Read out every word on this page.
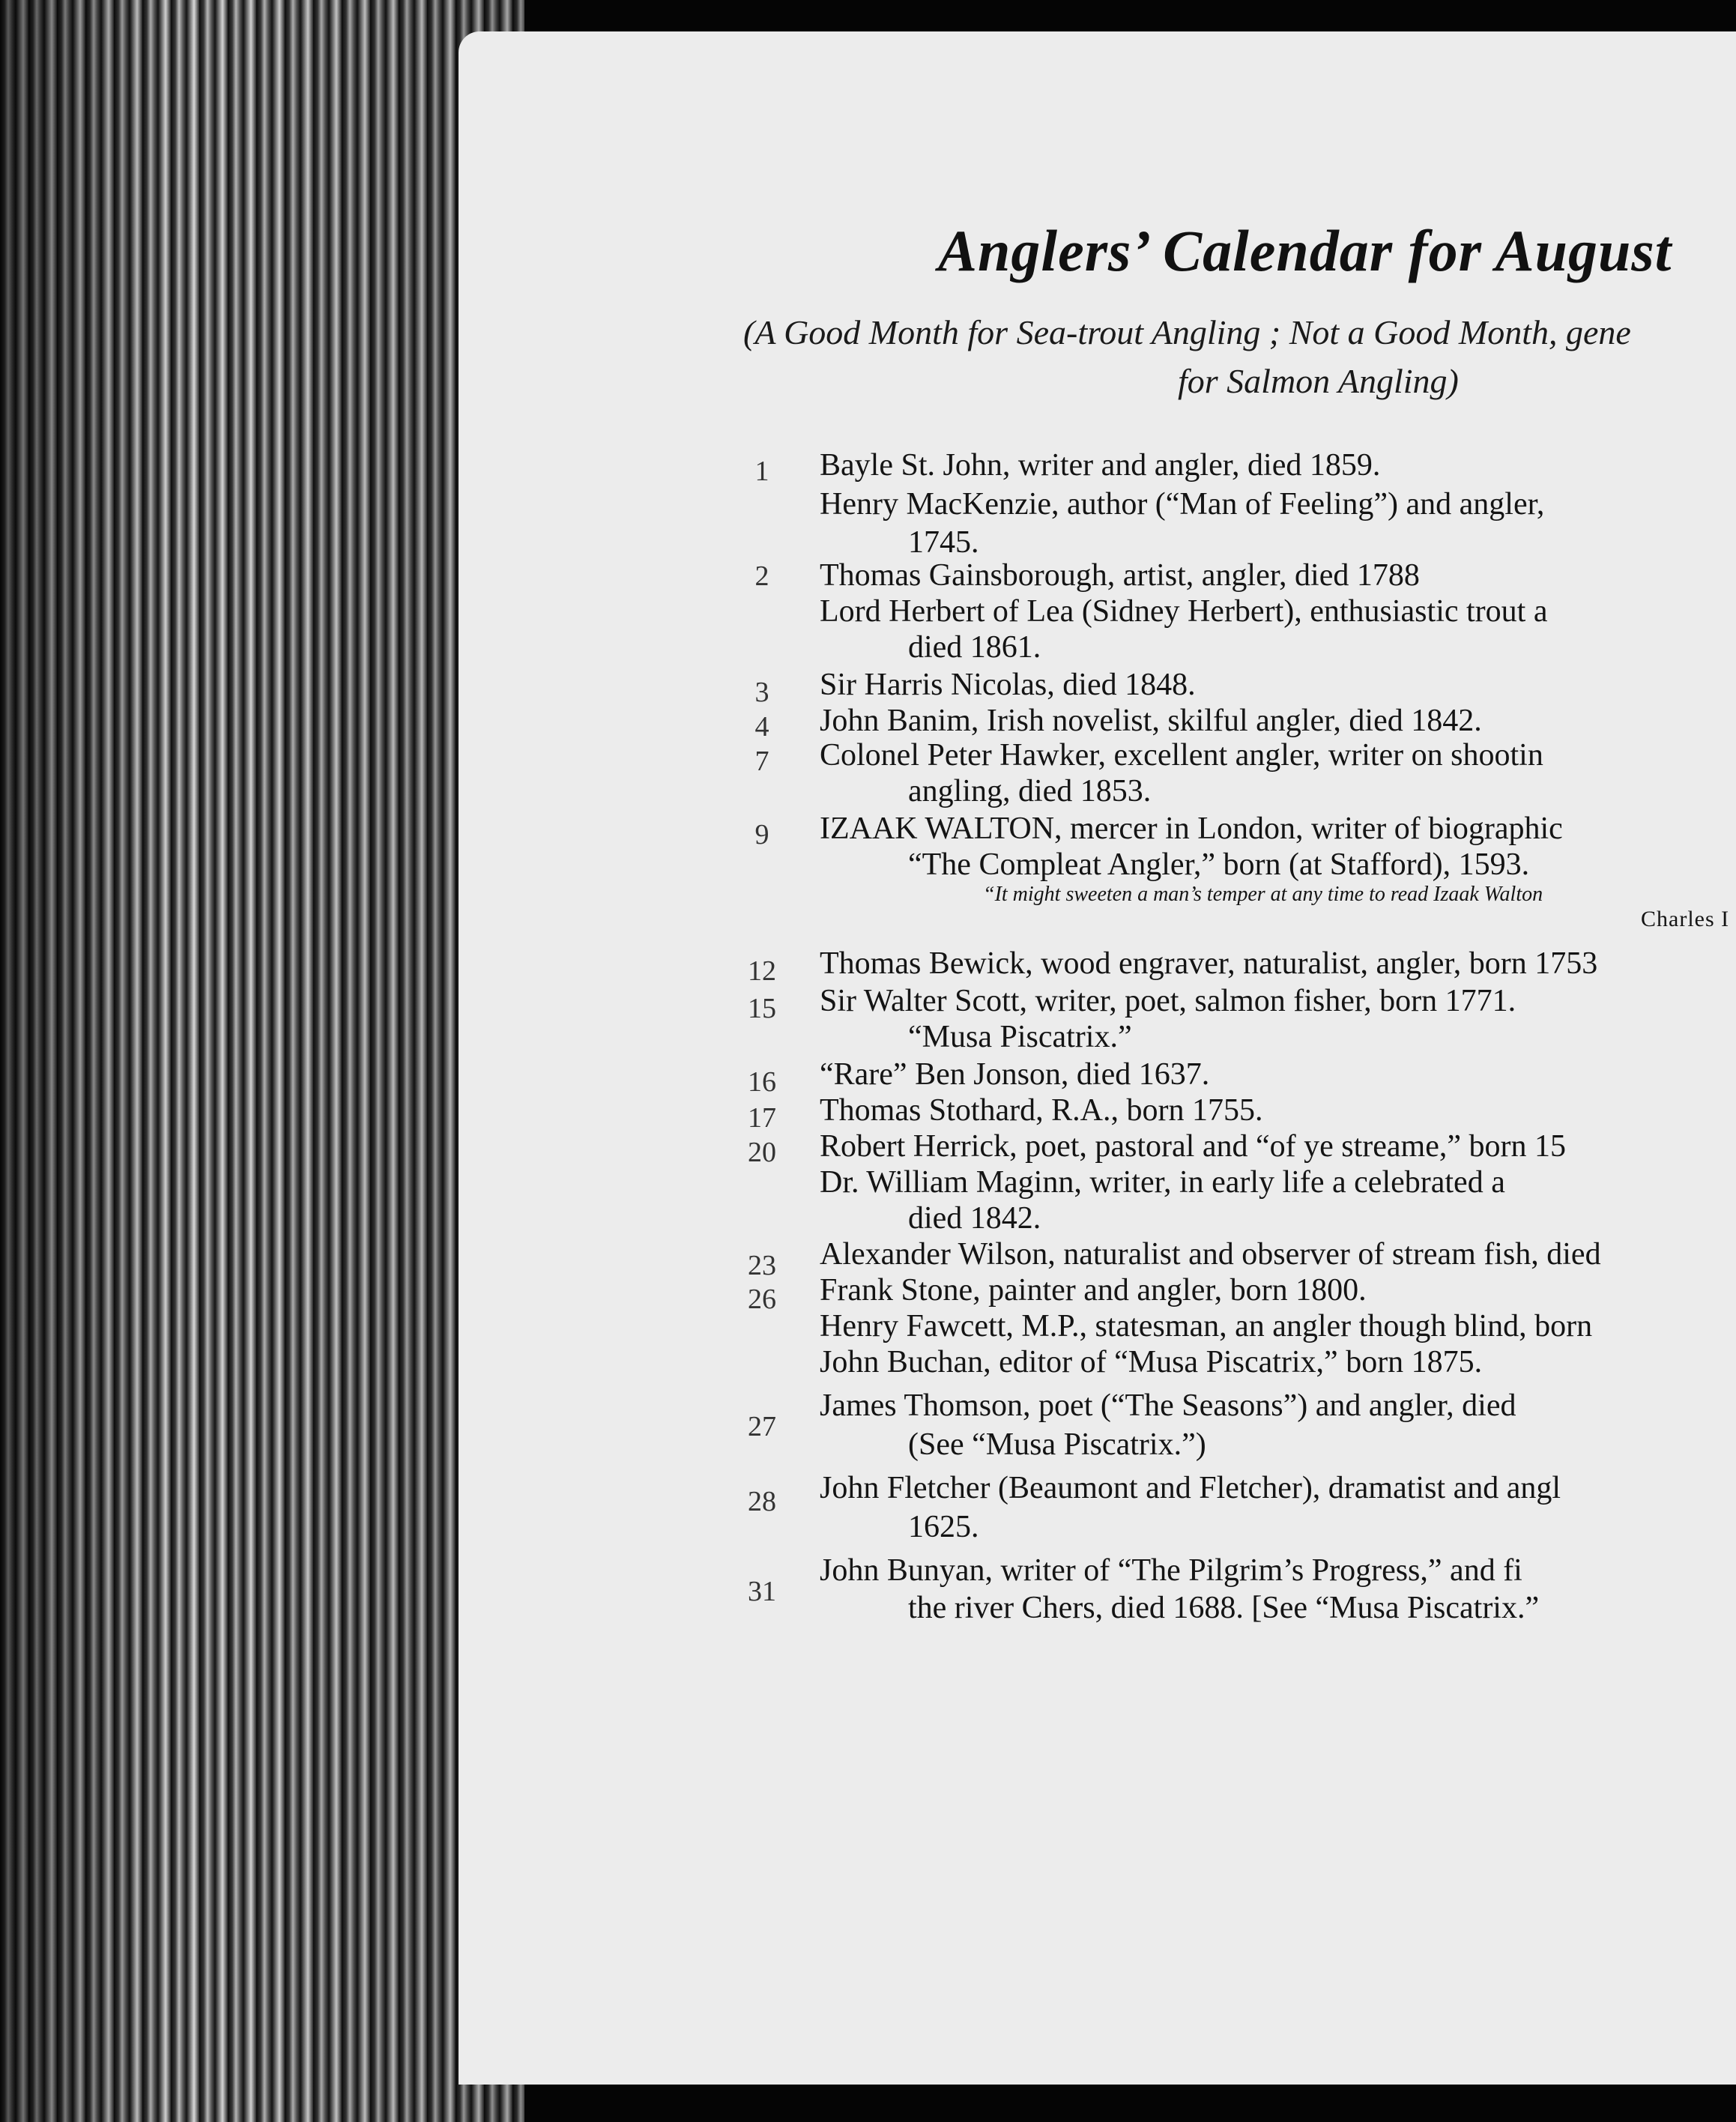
Anglers’ Calendar for August
(A Good Month for Sea-trout Angling ; Not a Good Month, gene
for Salmon Angling)
1
2
3
4
7
9
12
15
16
17
20
23
26
27
28
31
Bayle St. John, writer and angler, died 1859.
Henry MacKenzie, author (“Man of Feeling”) and angler,
1745.
Thomas Gainsborough, artist, angler, died 1788
Lord Herbert of Lea (Sidney Herbert), enthusiastic trout a
died 1861.
Sir Harris Nicolas, died 1848.
John Banim, Irish novelist, skilful angler, died 1842.
Colonel Peter Hawker, excellent angler, writer on shootin
angling, died 1853.
IZAAK WALTON, mercer in London, writer of biographic
“The Compleat Angler,” born (at Stafford), 1593.
“It might sweeten a man’s temper at any time to read Izaak Walton
Charles I
Thomas Bewick, wood engraver, naturalist, angler, born 1753
Sir Walter Scott, writer, poet, salmon fisher, born 1771.
“Musa Piscatrix.”
“Rare” Ben Jonson, died 1637.
Thomas Stothard, R.A., born 1755.
Robert Herrick, poet, pastoral and “of ye streame,” born 15
Dr. William Maginn, writer, in early life a celebrated a
died 1842.
Alexander Wilson, naturalist and observer of stream fish, died
Frank Stone, painter and angler, born 1800.
Henry Fawcett, M.P., statesman, an angler though blind, born
John Buchan, editor of “Musa Piscatrix,” born 1875.
James Thomson, poet (“The Seasons”) and angler, died
(See “Musa Piscatrix.”)
John Fletcher (Beaumont and Fletcher), dramatist and angl
1625.
John Bunyan, writer of “The Pilgrim’s Progress,” and fi
the river Chers, died 1688. [See “Musa Piscatrix.”
